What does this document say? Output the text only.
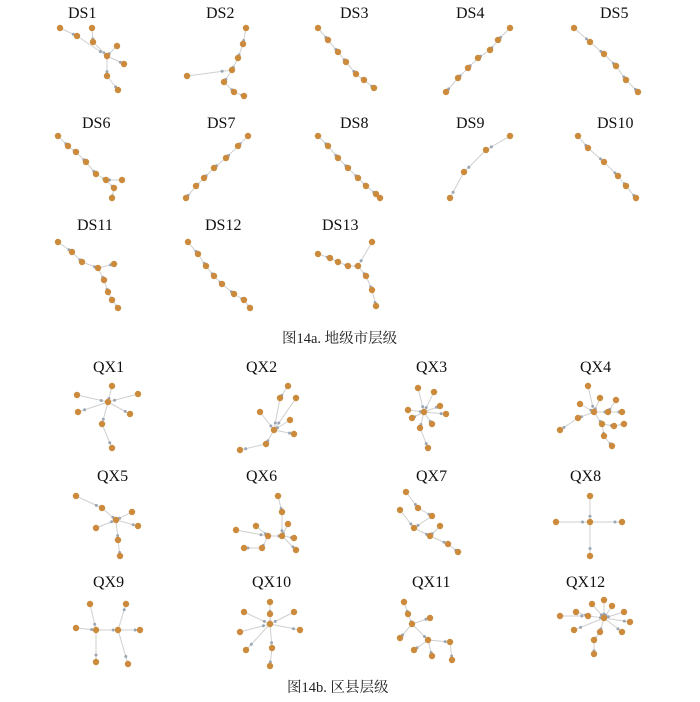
DS1	DS2	DS3	DS4	DS5
DS6	DS7	DS8	DS9	DS10
DS11	DS12	DS13
图14a. 地级市层级
QX1	QX2	QX3	QX4
QX5	QX6	QX7	QX8
QX9	QX10	QX11	QX12
图14b. 区县层级
